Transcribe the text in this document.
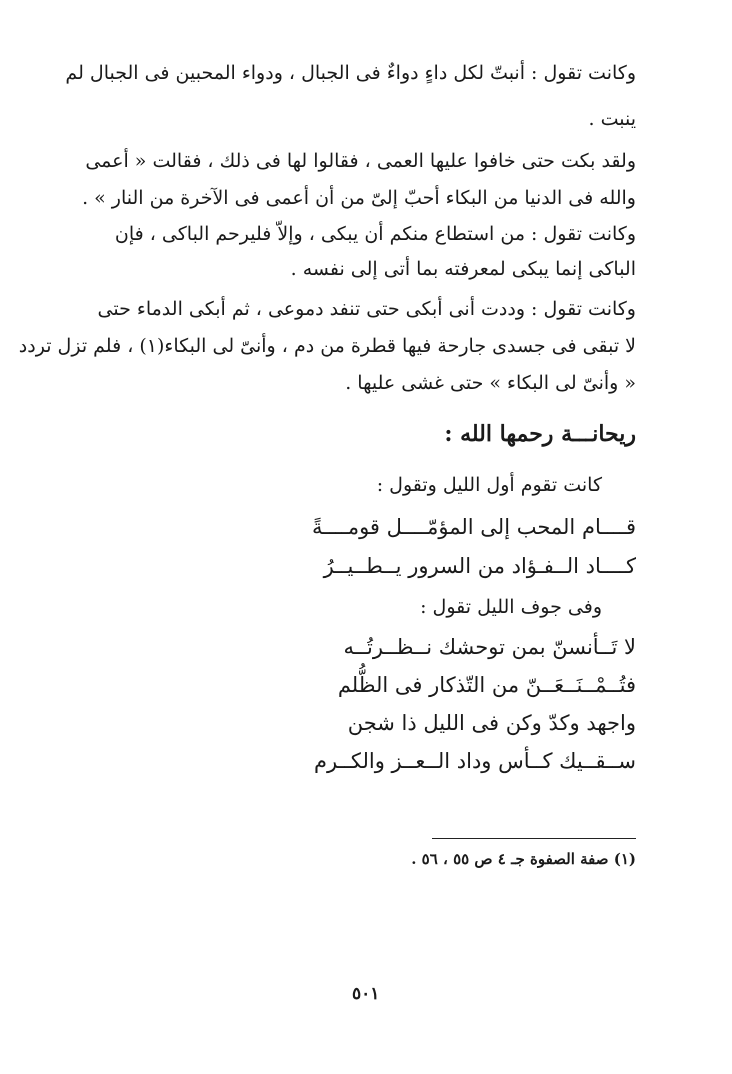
وكانت تقول : أنبتّ لكل داءٍ دواءٌ فى الجبال ، ودواء المحبين فى الجبال لم
ينبت .
ولقد بكت حتى خافوا عليها العمى ، فقالوا لها فى ذلك ، فقالت « أعمى
والله فى الدنيا من البكاء أحبّ إلىّ من أن أعمى فى الآخرة من النار » .
وكانت تقول : من استطاع منكم أن يبكى ، وإلاّ فليرحم الباكى ، فإن
الباكى إنما يبكى لمعرفته بما أتى إلى نفسه .
وكانت تقول : وددت أنى أبكى حتى تنفد دموعى ، ثم أبكى الدماء حتى
لا تبقى فى جسدى جارحة فيها قطرة من دم ، وأنىّ لى البكاء(١) ، فلم تزل تردد
« وأنىّ لى البكاء » حتى غشى عليها .
ريحانـــة رحمها الله :
كانت تقوم أول الليل وتقول :
قــــام المحب إلى المؤمّــــل قومــــةً
كــــاد الــفـؤاد من السرور يــطــيــرُ
وفى جوف الليل تقول :
لا تَــأنسنّ بمن توحشك نــظــرتُــه
فتُــمْــنَــعَــنّ من التّذكار فى الظُّلم
واجهد وكدّ وكن فى الليل ذا شجن
ســقــيك كــأس وداد الــعــز والكــرم
(١) صفة الصفوة جـ ٤ ص ٥٥ ، ٥٦ .
٥٠١
